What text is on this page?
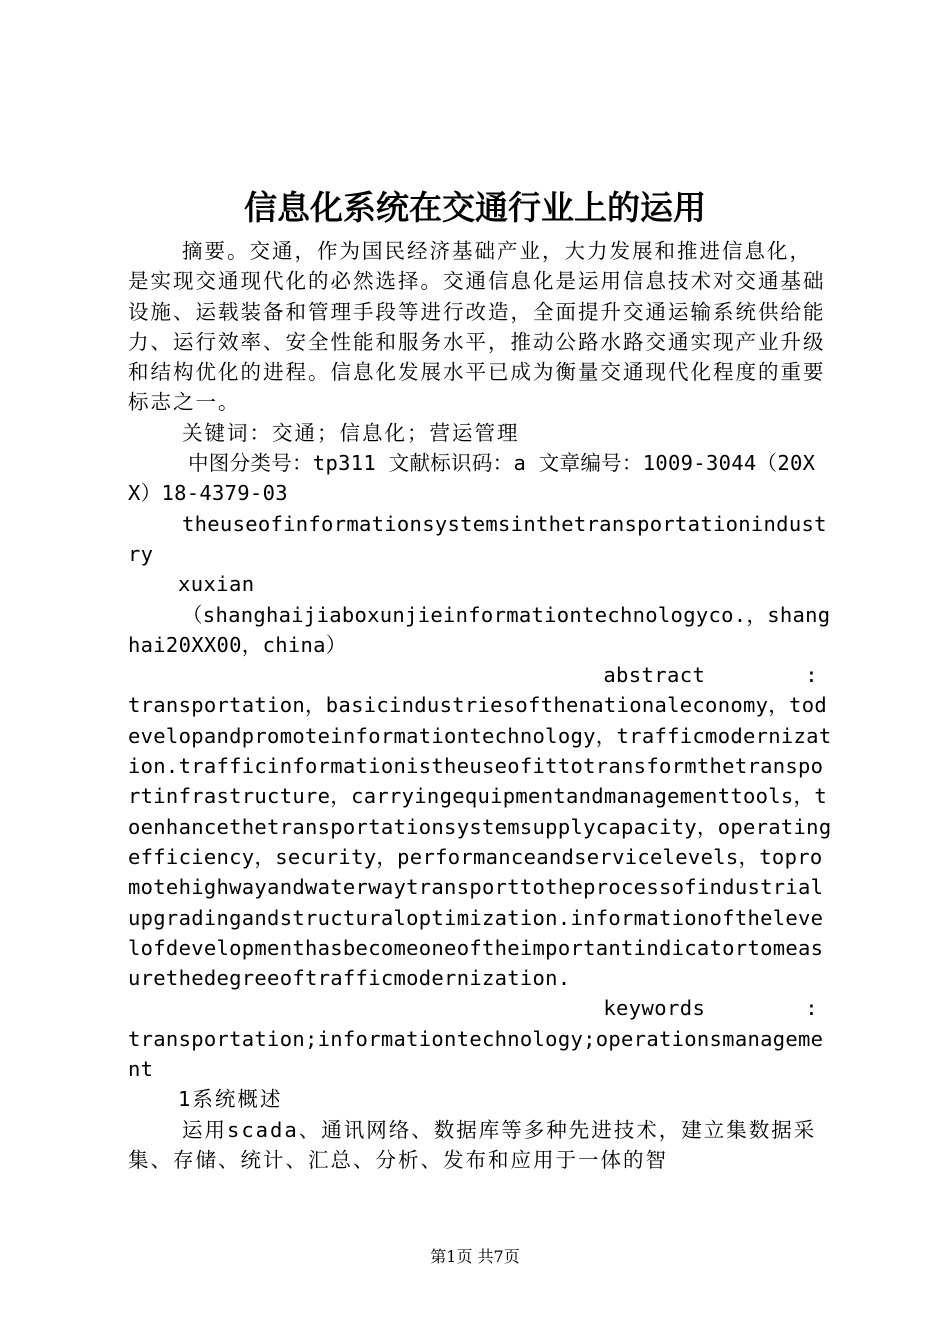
信息化系统在交通行业上的运用

摘要。交通，作为国民经济基础产业，大力发展和推进信息化，是实现交通现代化的必然选择。交通信息化是运用信息技术对交通基础设施、运载装备和管理手段等进行改造，全面提升交通运输系统供给能力、运行效率、安全性能和服务水平，推动公路水路交通实现产业升级和结构优化的进程。信息化发展水平已成为衡量交通现代化程度的重要标志之一。

关键词：交通；信息化；营运管理

中图分类号：tp311 文献标识码：a 文章编号：1009-3044（20XX）18-4379-03

theuseofinformationsystemsinthetransportationindustry

xuxian

（shanghaijiaboxunjieinformationtechnologyco.，shanghai20XX00，china）

abstract	:

transportation，basicindustriesofthenationaleconomy，todevelopandpromoteinformationtechnology，trafficmodernization.trafficinformationistheuseofittotransformthetransportinfrastructure，carryingequipmentandmanagementtools，toenhancethetransportationsystemsupplycapacity，operatingefficiency，security，performanceandservicelevels，topromotehighwayandwaterwaytransporttotheprocessofindustrialupgradingandstructuraloptimization.informationofthelevelofdevelopmenthasbecomeoneoftheimportantindicatortomeasurethedegreeoftrafficmodernization.

keywords	:

transportation;informationtechnology;operationsmanagement

1系统概述

运用scada、通讯网络、数据库等多种先进技术，建立集数据采集、存储、统计、汇总、分析、发布和应用于一体的智

第1页 共7页
